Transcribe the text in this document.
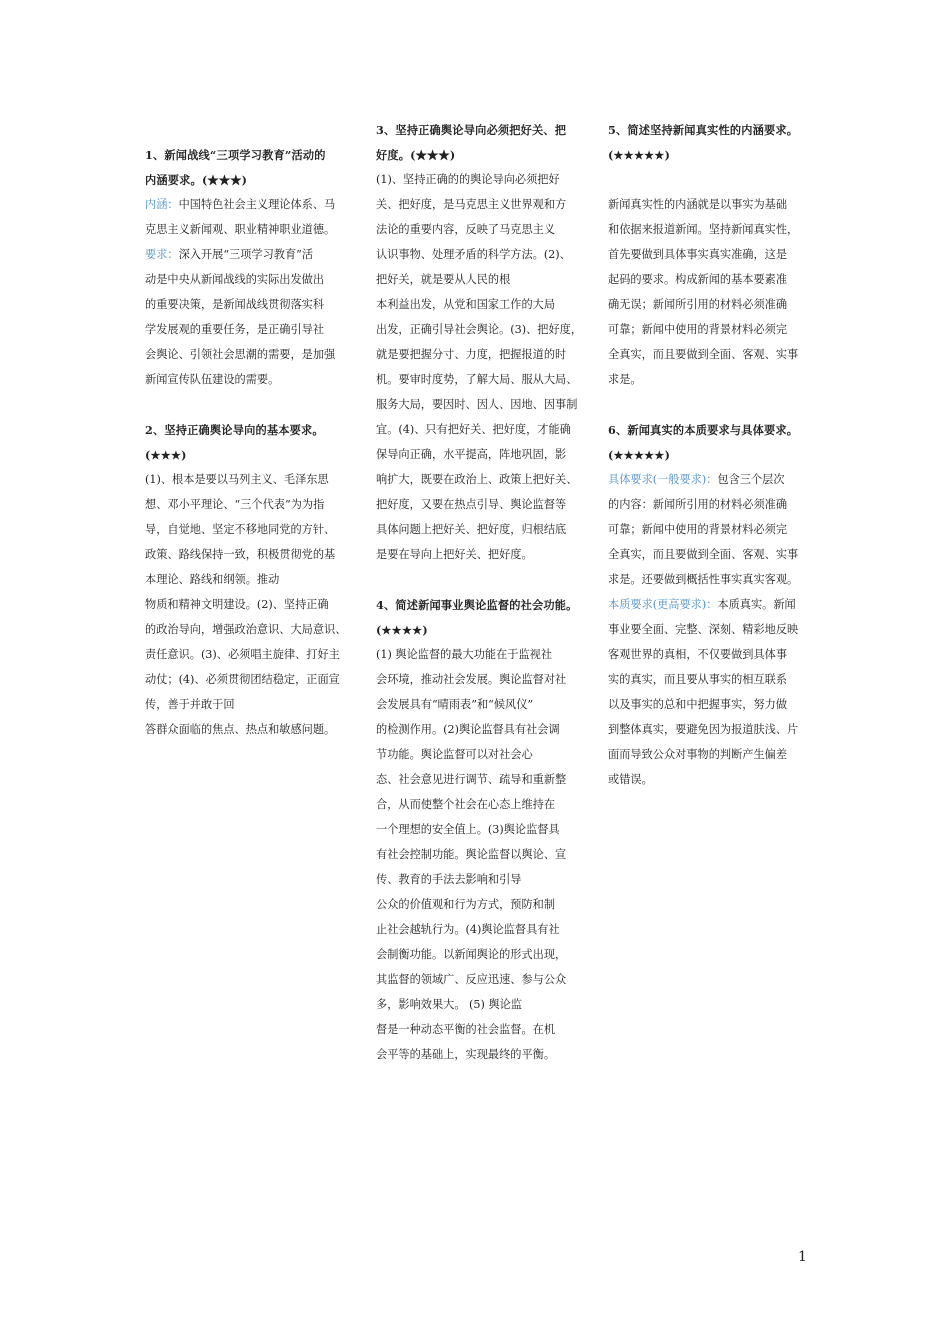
1、新闻战线“三项学习教育”活动的
内涵要求。(★★★)
内涵：中国特色社会主义理论体系、马
克思主义新闻观、职业精神职业道德。
要求：深入开展“三项学习教育”活
动是中央从新闻战线的实际出发做出
的重要决策，是新闻战线贯彻落实科
学发展观的重要任务，是正确引导社
会舆论、引领社会思潮的需要，是加强
新闻宣传队伍建设的需要。
2、坚持正确舆论导向的基本要求。
(★★★)
(1)、根本是要以马列主义、毛泽东思
想、邓小平理论、“三个代表”为为指
导，自觉地、坚定不移地同党的方针、
政策、路线保持一致，积极贯彻党的基
本理论、路线和纲领。推动
物质和精神文明建设。(2)、坚持正确
的政治导向，增强政治意识、大局意识、
责任意识。(3)、必须唱主旋律、打好主
动仗；(4)、必须贯彻团结稳定，正面宣
传，善于并敢于回
答群众面临的焦点、热点和敏感问题。
3、坚持正确舆论导向必须把好关、把
好度。(★★★)
(1)、坚持正确的的舆论导向必须把好
关、把好度，是马克思主义世界观和方
法论的重要内容，反映了马克思主义
认识事物、处理矛盾的科学方法。(2)、
把好关，就是要从人民的根
本利益出发，从党和国家工作的大局
出发，正确引导社会舆论。(3)、把好度，
就是要把握分寸、力度，把握报道的时
机。要审时度势，了解大局、服从大局、
服务大局，要因时、因人、因地、因事制
宜。(4)、只有把好关、把好度，才能确
保导向正确，水平提高，阵地巩固，影
响扩大，既要在政治上、政策上把好关、
把好度，又要在热点引导、舆论监督等
具体问题上把好关、把好度，归根结底
是要在导向上把好关、把好度。
4、简述新闻事业舆论监督的社会功能。
(★★★★)
(1) 舆论监督的最大功能在于监视社
会环境，推动社会发展。舆论监督对社
会发展具有“晴雨表”和“候风仪”
的检测作用。(2)舆论监督具有社会调
节功能。舆论监督可以对社会心
态、社会意见进行调节、疏导和重新整
合，从而使整个社会在心态上维持在
一个理想的安全值上。(3)舆论监督具
有社会控制功能。舆论监督以舆论、宣
传、教育的手法去影响和引导
公众的价值观和行为方式，预防和制
止社会越轨行为。(4)舆论监督具有社
会制衡功能。以新闻舆论的形式出现，
其监督的领域广、反应迅速、参与公众
多，影响效果大。 (5) 舆论监
督是一种动态平衡的社会监督。在机
会平等的基础上，实现最终的平衡。
5、简述坚持新闻真实性的内涵要求。
(★★★★★)
新闻真实性的内涵就是以事实为基础
和依据来报道新闻。坚持新闻真实性，
首先要做到具体事实真实准确，这是
起码的要求。构成新闻的基本要素准
确无误；新闻所引用的材料必须准确
可靠；新闻中使用的背景材料必须完
全真实，而且要做到全面、客观、实事
求是。
6、新闻真实的本质要求与具体要求。
(★★★★★)
具体要求(一般要求)：包含三个层次
的内容：新闻所引用的材料必须准确
可靠；新闻中使用的背景材料必须完
全真实，而且要做到全面、客观、实事
求是。还要做到概括性事实真实客观。
本质要求(更高要求)：本质真实。新闻
事业要全面、完整、深刻、精彩地反映
客观世界的真相，不仅要做到具体事
实的真实，而且要从事实的相互联系
以及事实的总和中把握事实，努力做
到整体真实，要避免因为报道肤浅、片
面而导致公众对事物的判断产生偏差
或错误。
1
